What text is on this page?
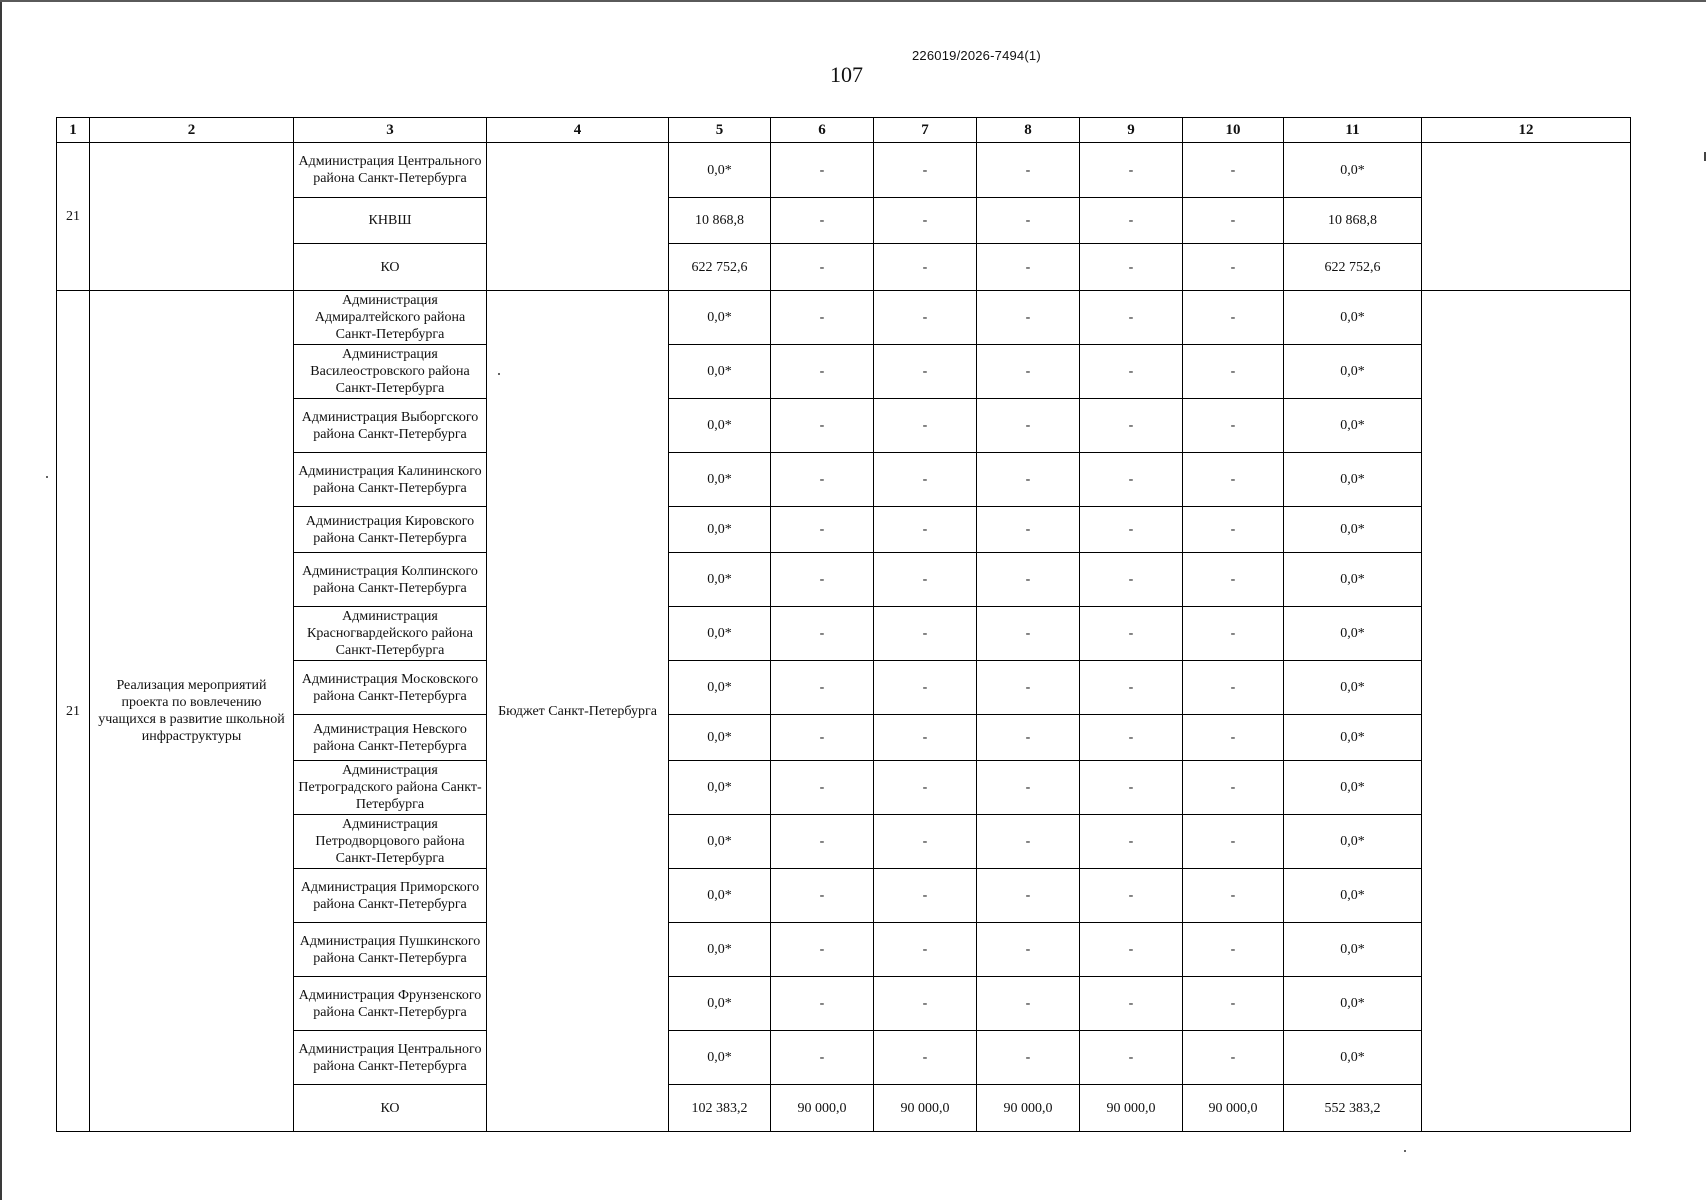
226019/2026-7494(1)
107
1	2	3	4	5	6	7	8	9	10	11	12
21		Администрация Центрального района Санкт-Петербурга		0,0*	-	-	-	-	-	0,0*	
		КНВШ		10 868,8	-	-	-	-	-	10 868,8	
		КО		622 752,6	-	-	-	-	-	622 752,6	
21	Реализация мероприятий проекта по вовлечению учащихся в развитие школьной инфраструктуры	Администрация Адмиралтейского района Санкт-Петербурга	Бюджет Санкт-Петербурга	0,0*	-	-	-	-	-	0,0*	
		Администрация Василеостровского района Санкт-Петербурга		0,0*	-	-	-	-	-	0,0*	
		Администрация Выборгского района Санкт-Петербурга		0,0*	-	-	-	-	-	0,0*	
		Администрация Калининского района Санкт-Петербурга		0,0*	-	-	-	-	-	0,0*	
		Администрация Кировского района Санкт-Петербурга		0,0*	-	-	-	-	-	0,0*	
		Администрация Колпинского района Санкт-Петербурга		0,0*	-	-	-	-	-	0,0*	
		Администрация Красногвардейского района Санкт-Петербурга		0,0*	-	-	-	-	-	0,0*	
		Администрация Московского района Санкт-Петербурга		0,0*	-	-	-	-	-	0,0*	
		Администрация Невского района Санкт-Петербурга		0,0*	-	-	-	-	-	0,0*	
		Администрация Петроградского района Санкт-Петербурга		0,0*	-	-	-	-	-	0,0*	
		Администрация Петродворцового района Санкт-Петербурга		0,0*	-	-	-	-	-	0,0*	
		Администрация Приморского района Санкт-Петербурга		0,0*	-	-	-	-	-	0,0*	
		Администрация Пушкинского района Санкт-Петербурга		0,0*	-	-	-	-	-	0,0*	
		Администрация Фрунзенского района Санкт-Петербурга		0,0*	-	-	-	-	-	0,0*	
		Администрация Центрального района Санкт-Петербурга		0,0*	-	-	-	-	-	0,0*	
		КО		102 383,2	90 000,0	90 000,0	90 000,0	90 000,0	90 000,0	552 383,2	
